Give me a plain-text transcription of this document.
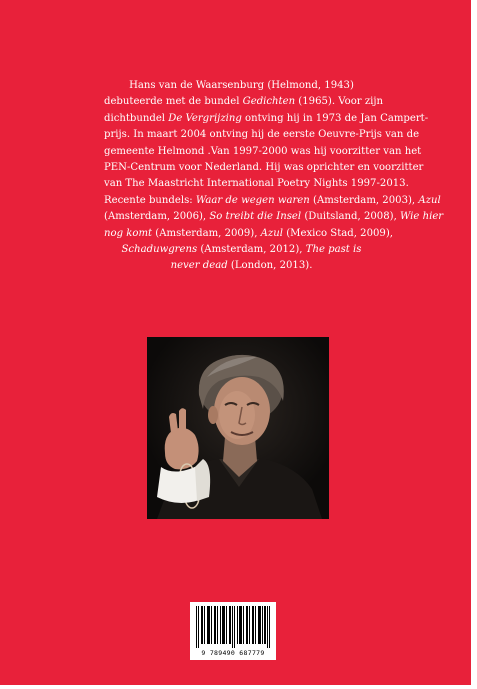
Hans van de Waarsenburg (Helmond, 1943)
debuteerde met de bundel Gedichten (1965). Voor zijn
dichtbundel De Vergrijzing ontving hij in 1973 de Jan Campert-
prijs. In maart 2004 ontving hij de eerste Oeuvre-Prijs van de
gemeente Helmond .Van 1997-2000 was hij voorzitter van het
PEN-Centrum voor Nederland. Hij was oprichter en voorzitter
van The Maastricht International Poetry Nights 1997-2013.
Recente bundels: Waar de wegen waren (Amsterdam, 2003), Azul
(Amsterdam, 2006), So treibt die Insel (Duitsland, 2008), Wie hier
nog komt (Amsterdam, 2009), Azul (Mexico Stad, 2009),
Schaduwgrens (Amsterdam, 2012), The past is
never dead (London, 2013).
9 789490 687779
